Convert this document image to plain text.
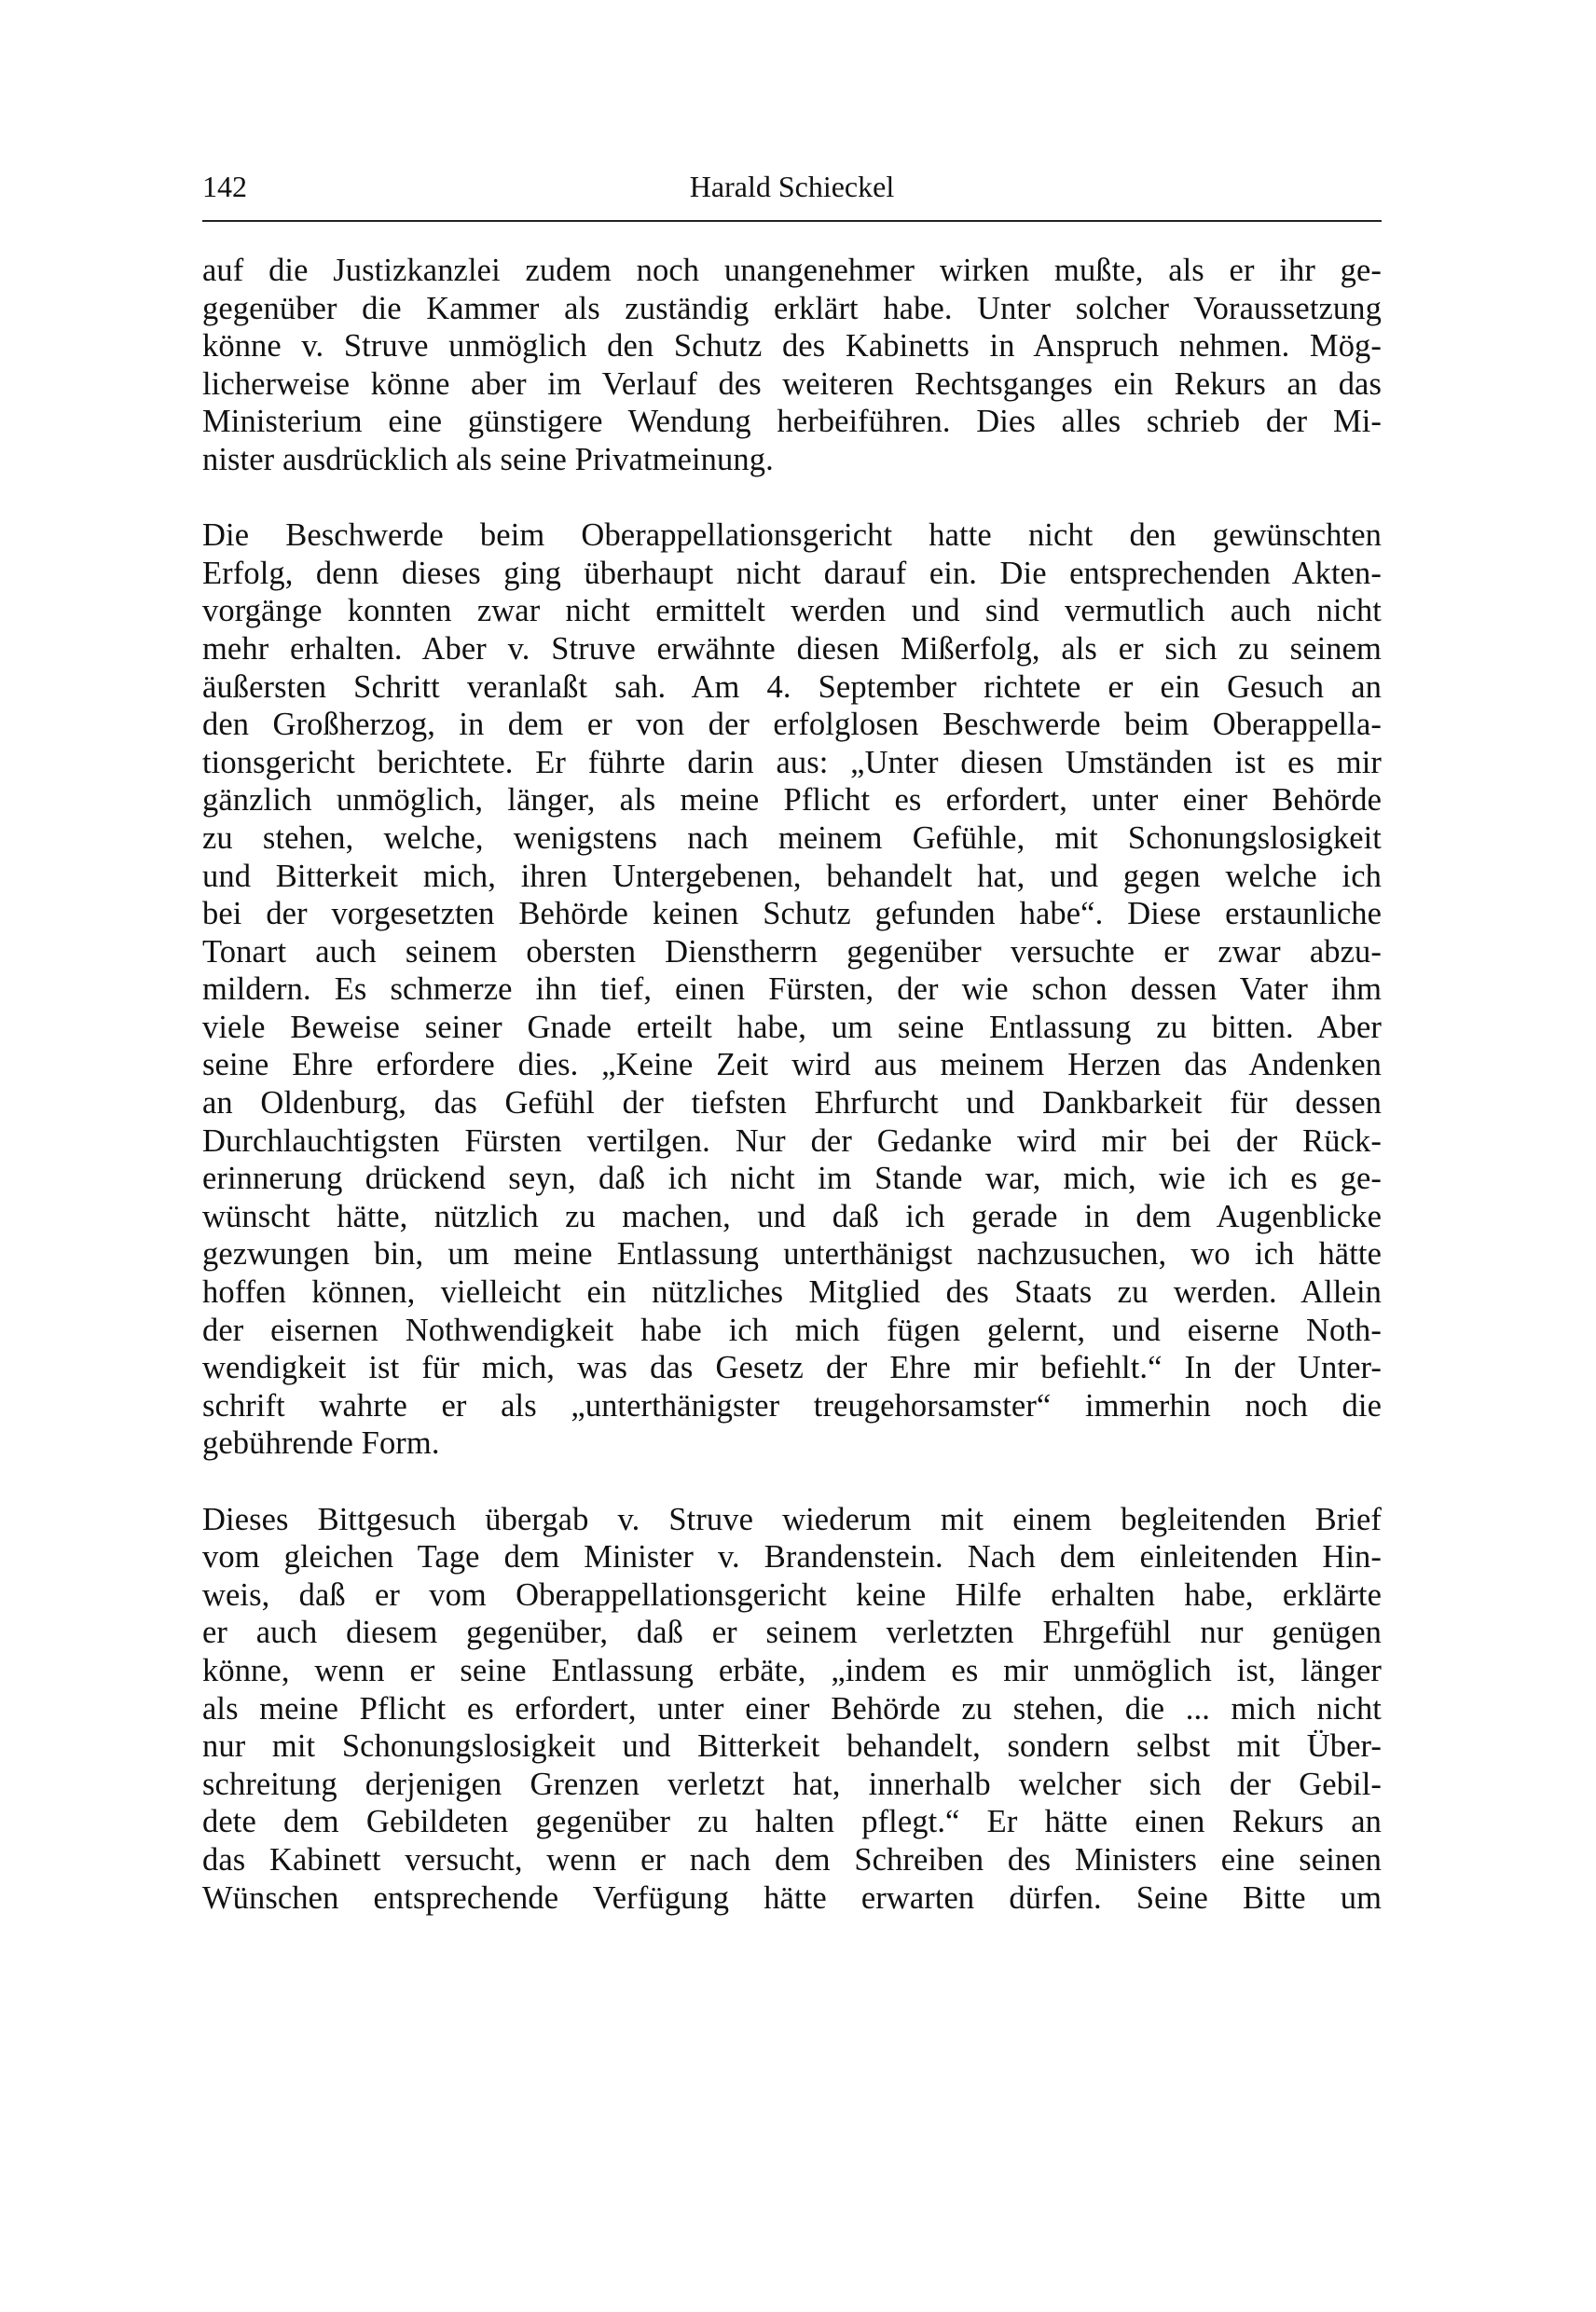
142	Harald Schieckel

auf die Justizkanzlei zudem noch unangenehmer wirken mußte, als er ihr ge-

gegenüber die Kammer als zuständig erklärt habe. Unter solcher Voraussetzung

könne v. Struve unmöglich den Schutz des Kabinetts in Anspruch nehmen. Mög-

licherweise könne aber im Verlauf des weiteren Rechtsganges ein Rekurs an das

Ministerium eine günstigere Wendung herbeiführen. Dies alles schrieb der Mi-

nister ausdrücklich als seine Privatmeinung.

Die Beschwerde beim Oberappellationsgericht hatte nicht den gewünschten

Erfolg, denn dieses ging überhaupt nicht darauf ein. Die entsprechenden Akten-

vorgänge konnten zwar nicht ermittelt werden und sind vermutlich auch nicht

mehr erhalten. Aber v. Struve erwähnte diesen Mißerfolg, als er sich zu seinem

äußersten Schritt veranlaßt sah. Am 4. September richtete er ein Gesuch an

den Großherzog, in dem er von der erfolglosen Beschwerde beim Oberappella-

tionsgericht berichtete. Er führte darin aus: „Unter diesen Umständen ist es mir

gänzlich unmöglich, länger, als meine Pflicht es erfordert, unter einer Behörde

zu stehen, welche, wenigstens nach meinem Gefühle, mit Schonungslosigkeit

und Bitterkeit mich, ihren Untergebenen, behandelt hat, und gegen welche ich

bei der vorgesetzten Behörde keinen Schutz gefunden habe“. Diese erstaunliche

Tonart auch seinem obersten Dienstherrn gegenüber versuchte er zwar abzu-

mildern. Es schmerze ihn tief, einen Fürsten, der wie schon dessen Vater ihm

viele Beweise seiner Gnade erteilt habe, um seine Entlassung zu bitten. Aber

seine Ehre erfordere dies. „Keine Zeit wird aus meinem Herzen das Andenken

an Oldenburg, das Gefühl der tiefsten Ehrfurcht und Dankbarkeit für dessen

Durchlauchtigsten Fürsten vertilgen. Nur der Gedanke wird mir bei der Rück-

erinnerung drückend seyn, daß ich nicht im Stande war, mich, wie ich es ge-

wünscht hätte, nützlich zu machen, und daß ich gerade in dem Augenblicke

gezwungen bin, um meine Entlassung unterthänigst nachzusuchen, wo ich hätte

hoffen können, vielleicht ein nützliches Mitglied des Staats zu werden. Allein

der eisernen Nothwendigkeit habe ich mich fügen gelernt, und eiserne Noth-

wendigkeit ist für mich, was das Gesetz der Ehre mir befiehlt.“ In der Unter-

schrift wahrte er als „unterthänigster treugehorsamster“ immerhin noch die

gebührende Form.

Dieses Bittgesuch übergab v. Struve wiederum mit einem begleitenden Brief

vom gleichen Tage dem Minister v. Brandenstein. Nach dem einleitenden Hin-

weis, daß er vom Oberappellationsgericht keine Hilfe erhalten habe, erklärte

er auch diesem gegenüber, daß er seinem verletzten Ehrgefühl nur genügen

könne, wenn er seine Entlassung erbäte, „indem es mir unmöglich ist, länger

als meine Pflicht es erfordert, unter einer Behörde zu stehen, die ... mich nicht

nur mit Schonungslosigkeit und Bitterkeit behandelt, sondern selbst mit Über-

schreitung derjenigen Grenzen verletzt hat, innerhalb welcher sich der Gebil-

dete dem Gebildeten gegenüber zu halten pflegt.“ Er hätte einen Rekurs an

das Kabinett versucht, wenn er nach dem Schreiben des Ministers eine seinen

Wünschen entsprechende Verfügung hätte erwarten dürfen. Seine Bitte um
